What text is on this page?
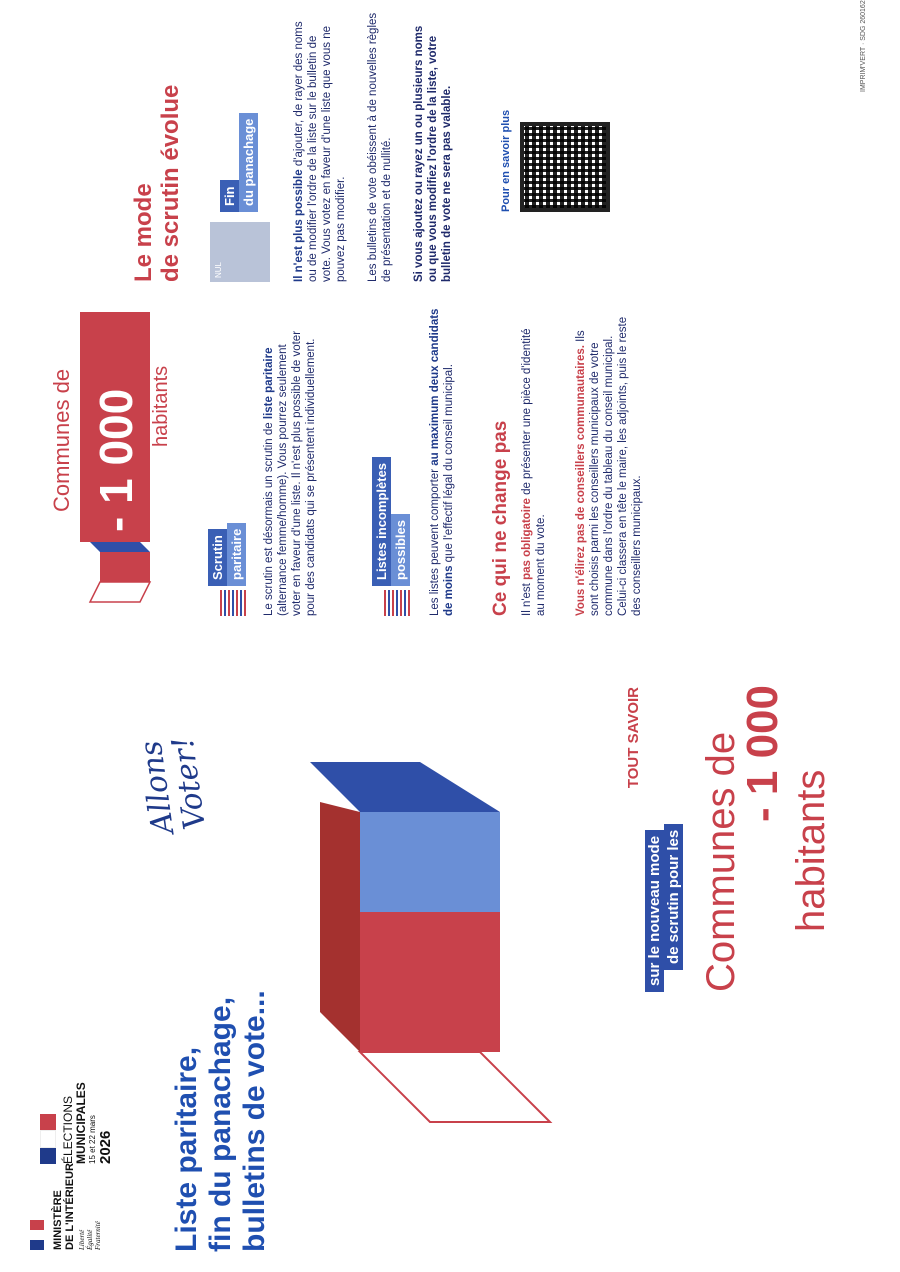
MINISTÈRE DE L'INTÉRIEUR Liberté Égalité Fraternité
ÉLECTIONS MUNICIPALES 15 et 22 mars 2026 Liste paritaire, fin du panachage, bulletins de vote...
Allons Voter!	TOUT SAVOIR
sur le nouveau mode de scrutin pour les Communes de
- 1 000
habitants
- 1 000
Communes de	habitants
Scrutin paritaire Le scrutin est désormais un scrutin de liste paritaire (alternance femme/homme). Vous pourrez seulement voter en faveur d'une liste. Il n'est plus possible de voter pour des candidats qui se présentent individuellement.	Listes incomplètes possibles Les listes peuvent comporter au maximum deux candidats de moins que l'effectif légal du conseil municipal. Ce qui ne change pas Il n'est pas obligatoire de présenter une pièce d'identité au moment du vote. Vous n'élirez pas de conseillers communautaires. Ils sont choisis parmi les conseillers municipaux de votre commune dans l'ordre du tableau du conseil municipal. Celui-ci classera en tête le maire, les adjoints, puis le reste des conseillers municipaux.
Le mode de scrutin évolue	NUL
Fin du panachage
Il n'est plus possible d'ajouter, de rayer des noms ou de modifier l'ordre de la liste sur le bulletin de vote. Vous votez en faveur d'une liste que vous ne pouvez pas modifier. Les bulletins de vote obéissent à de nouvelles règles de présentation et de nullité. Si vous ajoutez ou rayez un ou plusieurs noms ou que vous modifiez l'ordre de la liste, votre bulletin de vote ne sera pas valable.	Pour en savoir plus
IMPRIM'VERT · SDG 260162
